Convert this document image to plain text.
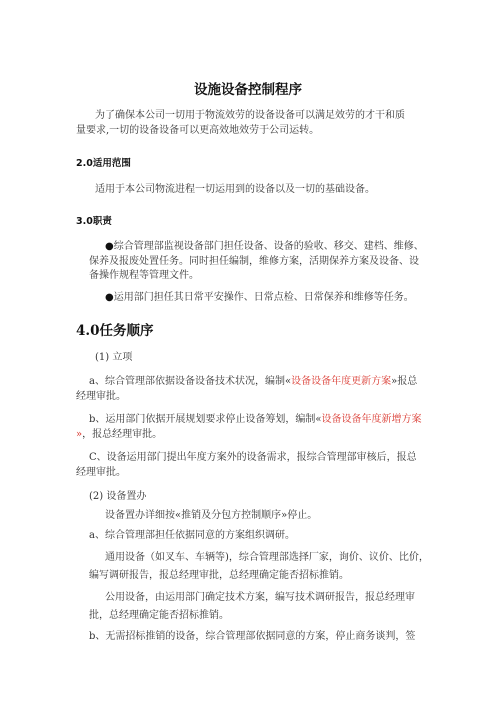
设施设备控制程序
为了确保本公司一切用于物流效劳的设备设备可以满足效劳的才干和质
量要求,一切的设备设备可以更高效地效劳于公司运转。
2.0适用范围
适用于本公司物流进程一切运用到的设备以及一切的基础设备。
3.0职责
●综合管理部监视设备部门担任设备、设备的验收、移交、建档、维修、
保养及报废处置任务。同时担任编制，维修方案，活期保养方案及设备、设
备操作规程等管理文件。
●运用部门担任其日常平安操作、日常点检、日常保养和维修等任务。
4.0任务顺序
(1) 立项
a、综合管理部依据设备设备技术状况，编制«设备设备年度更新方案»报总
经理审批。
b、运用部门依据开展规划要求停止设备筹划，编制«设备设备年度新增方案
»，报总经理审批。
C、设备运用部门提出年度方案外的设备需求，报综合管理部审核后，报总
经理审批。
(2) 设备置办
设备置办详细按«推销及分包方控制顺序»停止。
a、综合管理部担任依据同意的方案组织调研。
通用设备（如叉车、车辆等)，综合管理部选择厂家，询价、议价、比价，
编写调研报告，报总经理审批，总经理确定能否招标推销。
公用设备，由运用部门确定技术方案，编写技术调研报告，报总经理审
批，总经理确定能否招标推销。
b、无需招标推销的设备，综合管理部依据同意的方案，停止商务谈判，签
